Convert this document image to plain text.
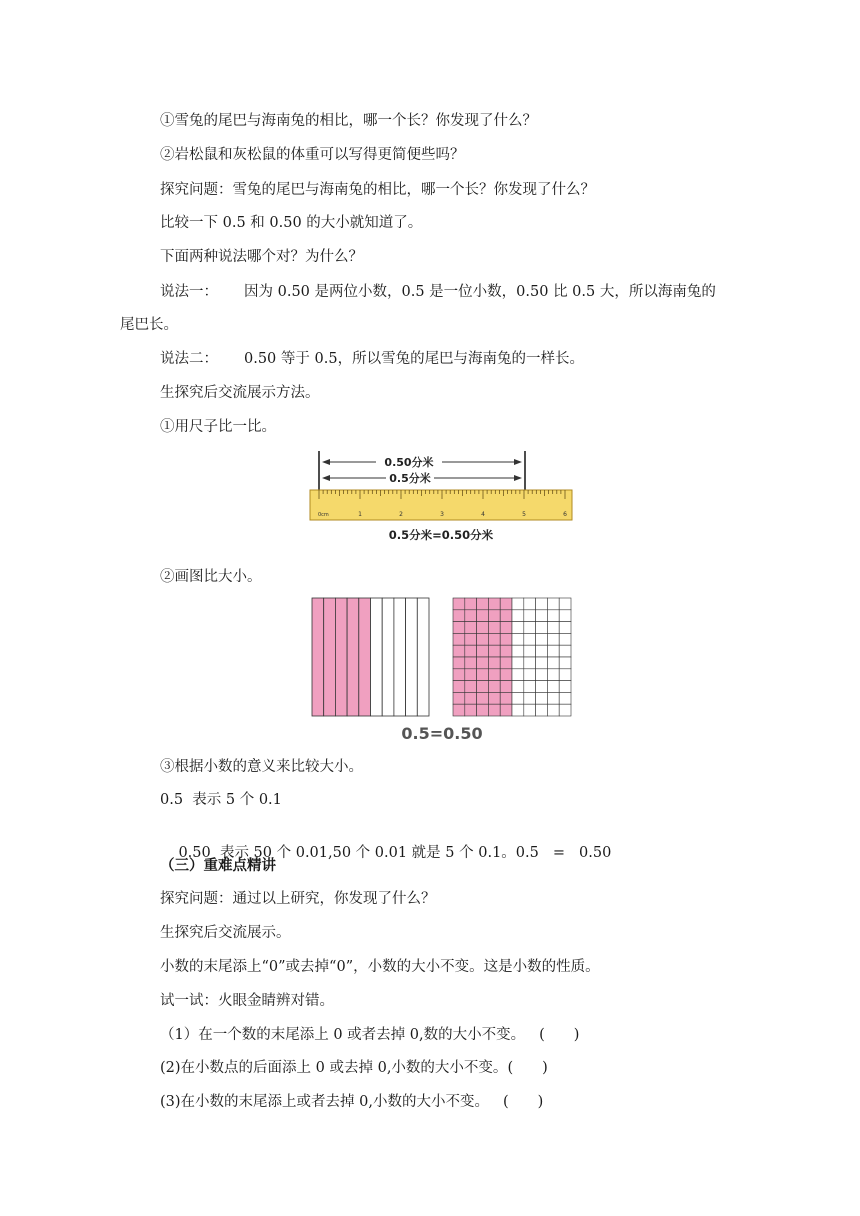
①雪兔的尾巴与海南兔的相比，哪一个长？你发现了什么？
②岩松鼠和灰松鼠的体重可以写得更简便些吗？
探究问题：雪兔的尾巴与海南兔的相比，哪一个长？你发现了什么？
比较一下 0.5 和 0.50 的大小就知道了。
下面两种说法哪个对？为什么？
说法一： 因为 0.50 是两位小数，0.5 是一位小数，0.50 比 0.5 大，所以海南兔的
尾巴长。
说法二： 0.50 等于 0.5，所以雪兔的尾巴与海南兔的一样长。
生探究后交流展示方法。
①用尺子比一比。
0.50分米
0.5分米
0cm	1	2	3	4	5	6
0.5分米=0.50分米
②画图比大小。
0.5=0.50
③根据小数的意义来比较大小。
0.5  表示 5 个 0.1

0.50  表示 50 个 0.01,50 个 0.01 就是 5 个 0.1。0.5 = 0.50

（三）重难点精讲
探究问题：通过以上研究，你发现了什么？
生探究后交流展示。
小数的末尾添上“0”或去掉“0”，小数的大小不变。这是小数的性质。
试一试：火眼金睛辨对错。
（1）在一个数的末尾添上 0 或者去掉 0,数的大小不变。 (　　)
(2)在小数点的后面添上 0 或去掉 0,小数的大小不变。(　　)
(3)在小数的末尾添上或者去掉 0,小数的大小不变。 (　　)
